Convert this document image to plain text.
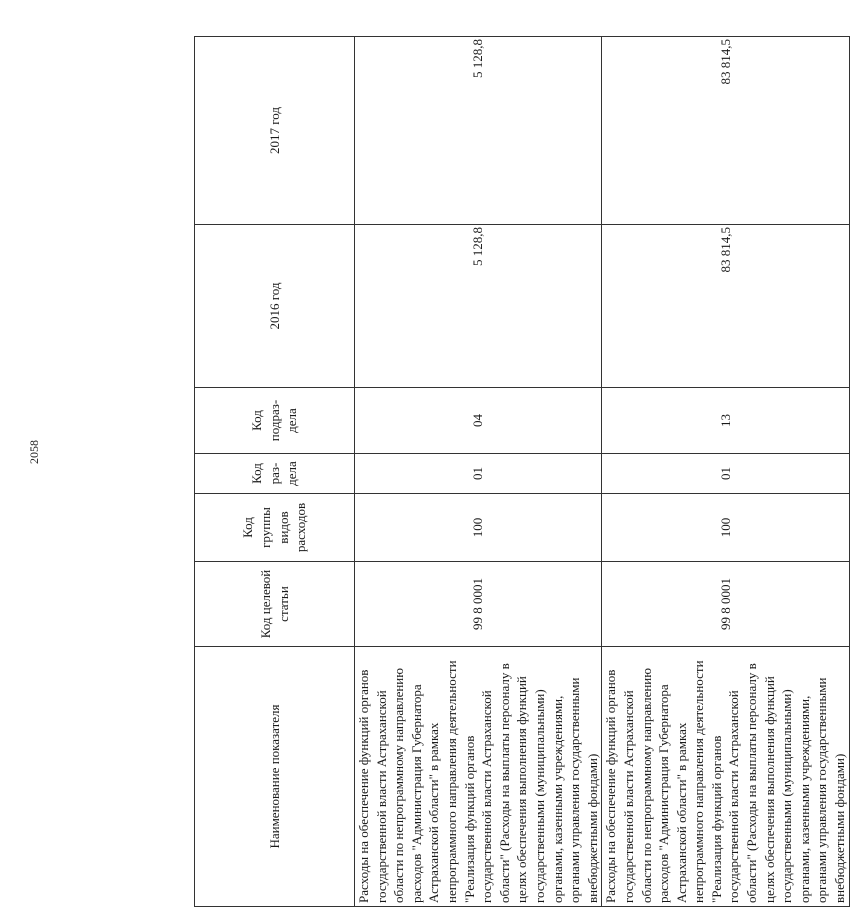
2058
Наименование показателя	Код целевой статьи	Код группы видов расходов	Код раз-дела	Код подраз-дела	2016 год	2017 год
Расходы на обеспечение функций органов государственной власти Астраханской области по непрограммному направлению расходов "Администрация Губернатора Астраханской области" в рамках непрограммного направления деятельности "Реализация функций органов государственной власти Астраханской области" (Расходы на выплаты персоналу в целях обеспечения выполнения функций государственными (муниципальными) органами, казенными учреждениями, органами управления государственными внебюджетными фондами)	99 8 0001	100	01	04	5 128,8	5 128,8
Расходы на обеспечение функций органов государственной власти Астраханской области по непрограммному направлению расходов "Администрация Губернатора Астраханской области" в рамках непрограммного направления деятельности "Реализация функций органов государственной власти Астраханской области" (Расходы на выплаты персоналу в целях обеспечения выполнения функций государственными (муниципальными) органами, казенными учреждениями, органами управления государственными внебюджетными фондами)	99 8 0001	100	01	13	83 814,5	83 814,5
